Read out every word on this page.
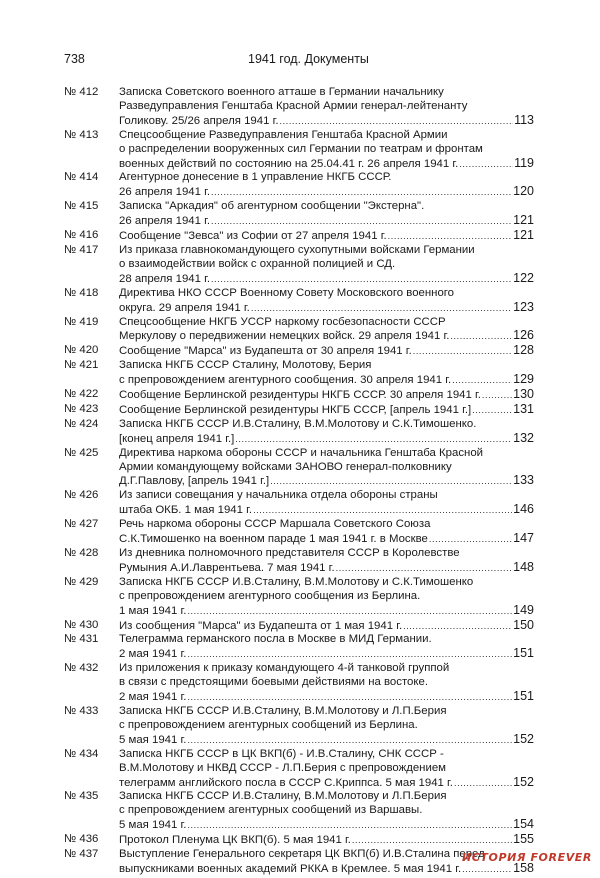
738	1941 год. Документы
№ 412	Записка Советского военного атташе в Германии начальнику
Разведуправления Генштаба Красной Армии генерал-лейтенанту
Голикову. 25/26 апреля 1941 г. .....	113
№ 413	Спецсообщение Разведуправления Генштаба Красной Армии
о распределении вооруженных сил Германии по театрам и фронтам
военных действий по состоянию на 25.04.41 г. 26 апреля 1941 г. .....	119
№ 414	Агентурное донесение в 1 управление НКГБ СССР.
26 апреля 1941 г. .....	120
№ 415	Записка "Аркадия" об агентурном сообщении "Экстерна".
26 апреля 1941 г. .....	121
№ 416	Сообщение "Зевса" из Софии от 27 апреля 1941 г. .....	121
№ 417	Из приказа главнокомандующего сухопутными войсками Германии
о взаимодействии войск с охранной полицией и СД.
28 апреля 1941 г. .....	122
№ 418	Директива НКО СССР Военному Совету Московского военного
округа. 29 апреля 1941 г. .....	123
№ 419	Спецсообщение НКГБ УССР наркому госбезопасности СССР
Меркулову о передвижении немецких войск. 29 апреля 1941 г. .....	126
№ 420	Сообщение "Марса" из Будапешта от 30 апреля 1941 г. .....	128
№ 421	Записка НКГБ СССР Сталину, Молотову, Берия
с препровождением агентурного сообщения. 30 апреля 1941 г. .....	129
№ 422	Сообщение Берлинской резидентуры НКГБ СССР. 30 апреля 1941 г. .....	130
№ 423	Сообщение Берлинской резидентуры НКГБ СССР, [апрель 1941 г.] .....	131
№ 424	Записка НКГБ СССР И.В.Сталину, В.М.Молотову и С.К.Тимошенко.
[конец апреля 1941 г.] .....	132
№ 425	Директива наркома обороны СССР и начальника Генштаба Красной
Армии командующему войсками ЗАНОВО генерал-полковнику
Д.Г.Павлову, [апрель 1941 г.] .....	133
№ 426	Из записи совещания у начальника отдела обороны страны
штаба ОКБ. 1 мая 1941 г. .....	146
№ 427	Речь наркома обороны СССР Маршала Советского Союза
С.К.Тимошенко на военном параде 1 мая 1941 г. в Москве .....	147
№ 428	Из дневника полномочного представителя СССР в Королевстве
Румыния А.И.Лаврентьева. 7 мая 1941 г. .....	148
№ 429	Записка НКГБ СССР И.В.Сталину, В.М.Молотову и С.К.Тимошенко
с препровождением агентурного сообщения из Берлина.
1 мая 1941 г. .....	149
№ 430	Из сообщения "Марса" из Будапешта от 1 мая 1941 г. .....	150
№ 431	Телеграмма германского посла в Москве в МИД Германии.
2 мая 1941 г. .....	151
№ 432	Из приложения к приказу командующего 4-й танковой группой
в связи с предстоящими боевыми действиями на востоке.
2 мая 1941 г. .....	151
№ 433	Записка НКГБ СССР И.В.Сталину, В.М.Молотову и Л.П.Берия
с препровождением агентурных сообщений из Берлина.
5 мая 1941 г. .....	152
№ 434	Записка НКГБ СССР в ЦК ВКП(б) - И.В.Сталину, СНК СССР -
В.М.Молотову и НКВД СССР - Л.П.Берия с препровождением
телеграмм английского посла в СССР С.Криппса. 5 мая 1941 г. .....	152
№ 435	Записка НКГБ СССР И.В.Сталину, В.М.Молотову и Л.П.Берия
с препровождением агентурных сообщений из Варшавы.
5 мая 1941 г. .....	154
№ 436	Протокол Пленума ЦК ВКП(б). 5 мая 1941 г. .....	155
№ 437	Выступление Генерального секретаря ЦК ВКП(б) И.В.Сталина перед
выпускниками военных академий РККА в Кремлее. 5 мая 1941 г. .....	158
ИСТОРИЯ FOREVER
